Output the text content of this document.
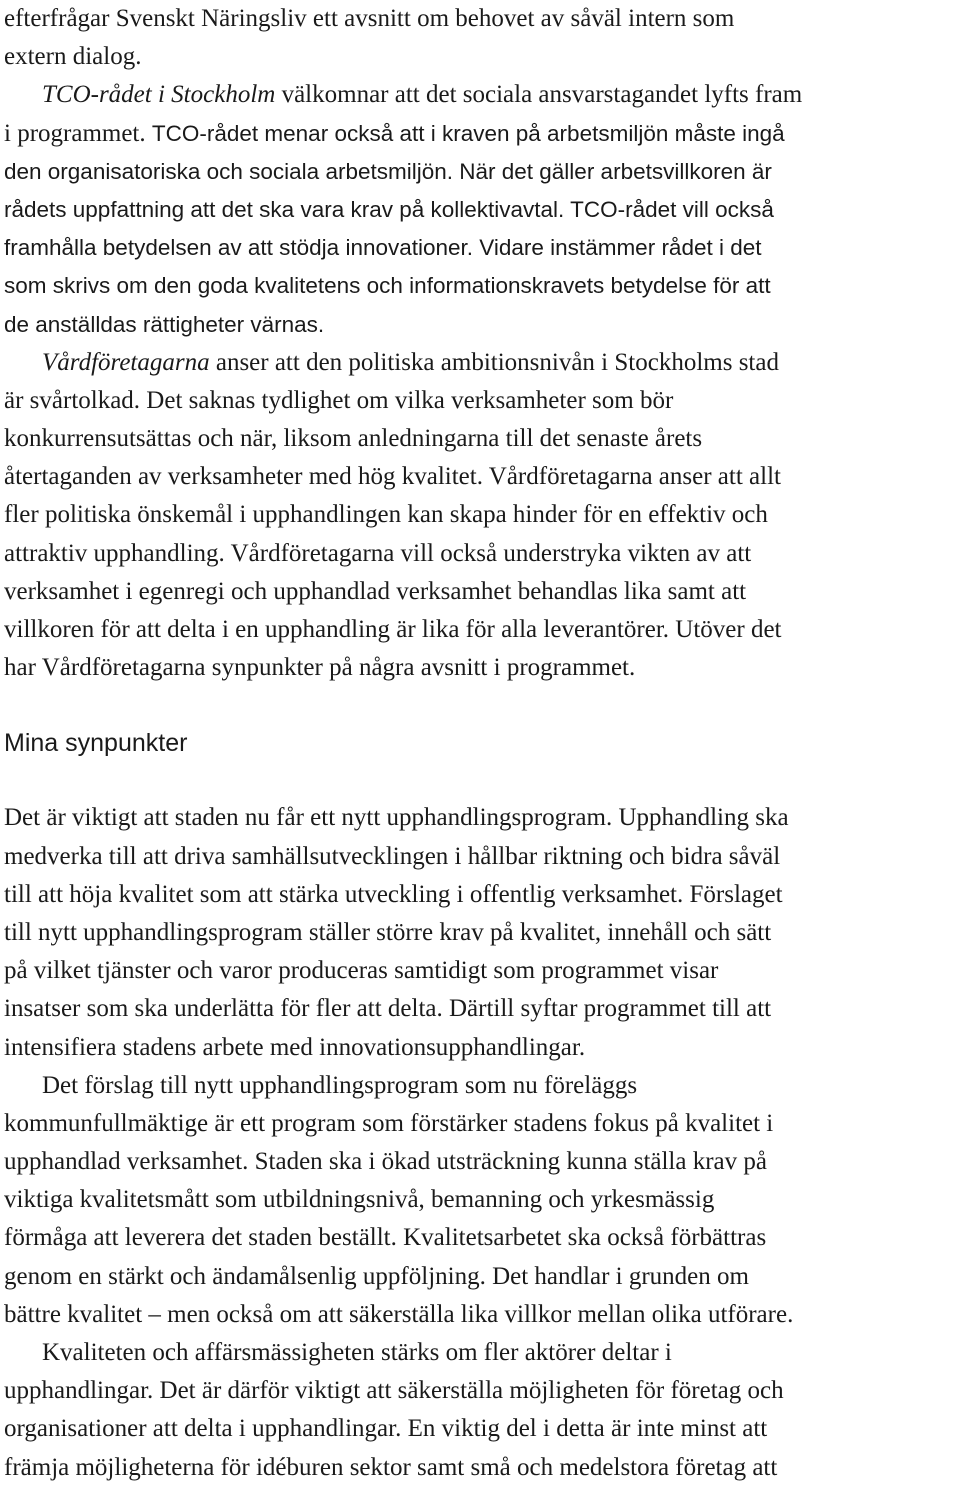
efterfrågar Svenskt Näringsliv ett avsnitt om behovet av såväl intern som
extern dialog.
TCO-rådet i Stockholm välkomnar att det sociala ansvarstagandet lyfts fram
i programmet. TCO-rådet menar också att i kraven på arbetsmiljön måste ingå
den organisatoriska och sociala arbetsmiljön. När det gäller arbetsvillkoren är
rådets uppfattning att det ska vara krav på kollektivavtal. TCO-rådet vill också
framhålla betydelsen av att stödja innovationer. Vidare instämmer rådet i det
som skrivs om den goda kvalitetens och informationskravets betydelse för att
de anställdas rättigheter värnas.
Vårdföretagarna anser att den politiska ambitionsnivån i Stockholms stad
är svårtolkad. Det saknas tydlighet om vilka verksamheter som bör
konkurrensutsättas och när, liksom anledningarna till det senaste årets
återtaganden av verksamheter med hög kvalitet. Vårdföretagarna anser att allt
fler politiska önskemål i upphandlingen kan skapa hinder för en effektiv och
attraktiv upphandling. Vårdföretagarna vill också understryka vikten av att
verksamhet i egenregi och upphandlad verksamhet behandlas lika samt att
villkoren för att delta i en upphandling är lika för alla leverantörer. Utöver det
har Vårdföretagarna synpunkter på några avsnitt i programmet.
Mina synpunkter
Det är viktigt att staden nu får ett nytt upphandlingsprogram. Upphandling ska
medverka till att driva samhällsutvecklingen i hållbar riktning och bidra såväl
till att höja kvalitet som att stärka utveckling i offentlig verksamhet. Förslaget
till nytt upphandlingsprogram ställer större krav på kvalitet, innehåll och sätt
på vilket tjänster och varor produceras samtidigt som programmet visar
insatser som ska underlätta för fler att delta. Därtill syftar programmet till att
intensifiera stadens arbete med innovationsupphandlingar.
Det förslag till nytt upphandlingsprogram som nu föreläggs
kommunfullmäktige är ett program som förstärker stadens fokus på kvalitet i
upphandlad verksamhet. Staden ska i ökad utsträckning kunna ställa krav på
viktiga kvalitetsmått som utbildningsnivå, bemanning och yrkesmässig
förmåga att leverera det staden beställt. Kvalitetsarbetet ska också förbättras
genom en stärkt och ändamålsenlig uppföljning. Det handlar i grunden om
bättre kvalitet – men också om att säkerställa lika villkor mellan olika utförare.
Kvaliteten och affärsmässigheten stärks om fler aktörer deltar i
upphandlingar. Det är därför viktigt att säkerställa möjligheten för företag och
organisationer att delta i upphandlingar. En viktig del i detta är inte minst att
främja möjligheterna för idéburen sektor samt små och medelstora företag att
